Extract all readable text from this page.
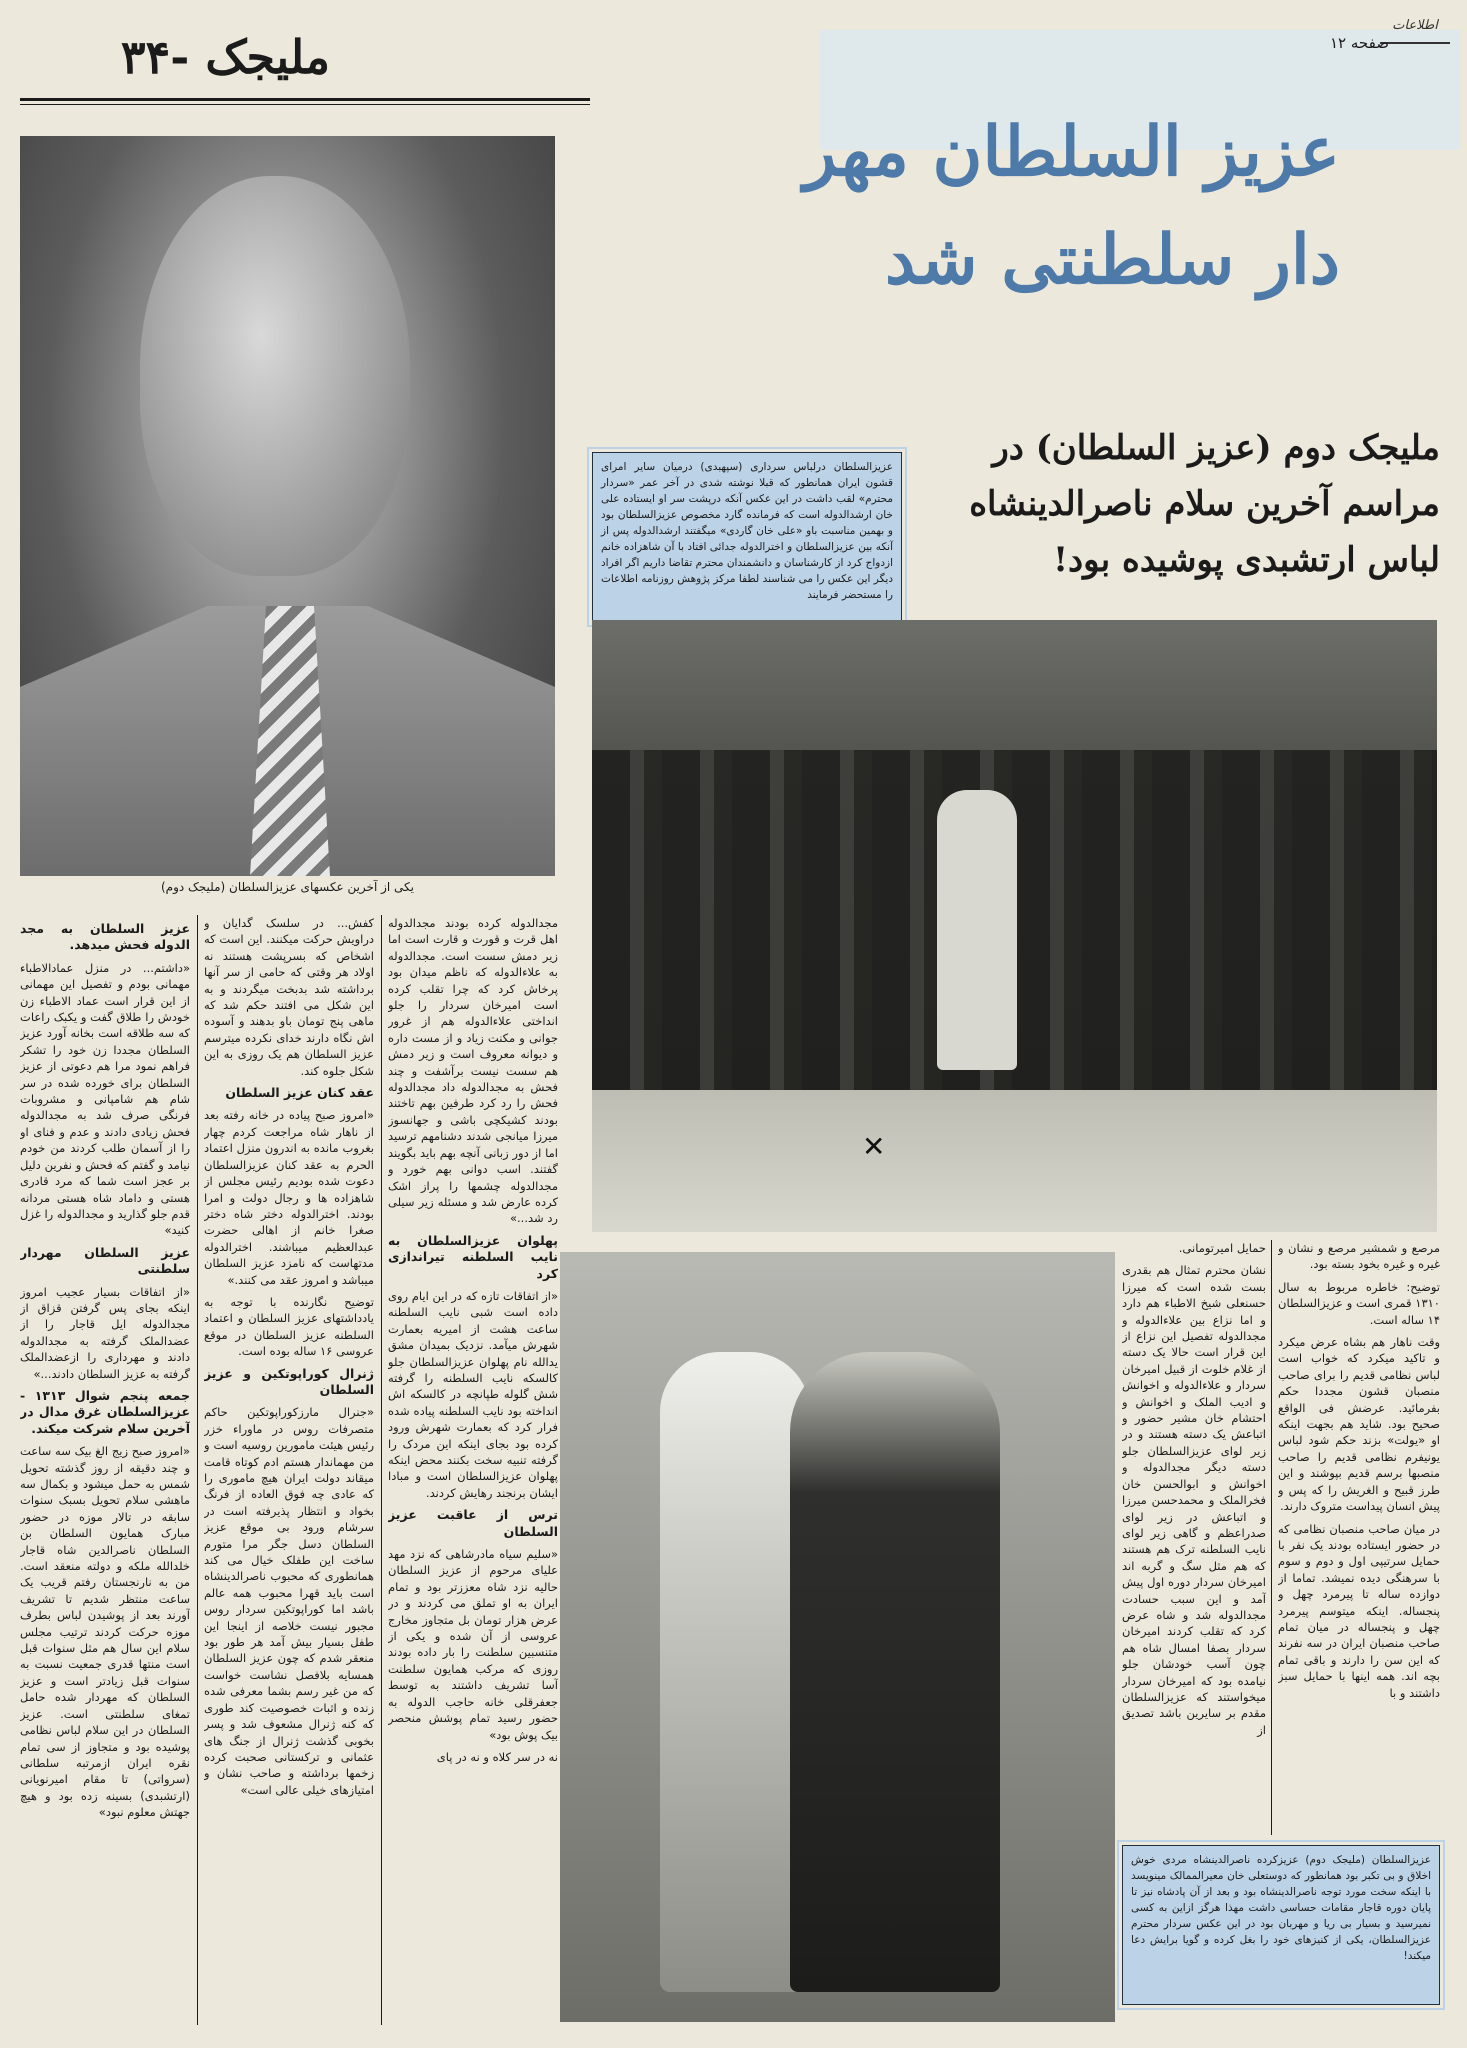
اطلاعات
صفحه ۱۲
ملیجک -۳۴
عزیز السلطان مهر
دار سلطنتی شد
ملیجک دوم (عزیز السلطان) در
مراسم آخرین سلام ناصرالدینشاه
لباس ارتشبدی پوشیده بود!
یکی از آخرین عکسهای عزیزالسلطان (ملیجک دوم)
عزیزالسلطان درلباس سرداری (سپهبدی) درمیان سایر امرای قشون ایران همانطور که قبلا نوشته شدی در آخر عمر «سردار محترم» لقب داشت در این عکس آنکه درپشت سر او ایستاده علی خان ارشدالدوله است که فرمانده گارد مخصوص عزیزالسلطان بود و بهمین مناسبت باو «علی خان گاردی» میگفتند ارشدالدوله پس از آنکه بین عزیزالسلطان و اخترالدوله جدائی افتاد با آن شاهزاده خانم ازدواج کرد از کارشناسان و دانشمندان محترم تقاضا داریم اگر افراد دیگر این عکس را می شناسند لطفا مرکز پژوهش روزنامه اطلاعات را مستحضر فرمایند
✕
عزیزالسلطان (ملیجک دوم) عزیزکرده ناصرالدینشاه مردی خوش اخلاق و بی تکبر بود همانطور که دوستعلی خان معیرالممالک مینویسد با اینکه سخت مورد توجه ناصرالدینشاه بود و بعد از آن پادشاه نیز تا پایان دوره قاجار مقامات حساسی داشت مهذا هرگز ازاین به کسی نمیرسید و بسیار بی ریا و مهربان بود در این عکس سردار محترم عزیزالسلطان، یکی از کنیزهای خود را بغل کرده و گویا برایش دعا میکند!

عزیز السلطان به مجد الدوله فحش میدهد.

«داشتم... در منزل عمادالاطباء مهمانی بودم و تفصیل این مهمانی از این قرار است عماد الاطباء زن خودش را طلاق گفت و یکبک راعات که سه طلاقه است بخانه آورد عزیز السلطان مجددا زن خود را تشکر فراهم نمود مرا هم دعوتی از عزیز السلطان برای خورده شده در سر شام هم شامپانی و مشروبات فرنگی صرف شد به مجدالدوله فحش زیادی دادند و عدم و فنای او را از آسمان طلب کردند من خودم نیامد و گفتم که فحش و نفرین دلیل بر عجز است شما که مرد قادری هستی و داماد شاه هستی مردانه قدم جلو گذارید و مجدالدوله را غزل کنید»

عزیز السلطان مهردار سلطنتی

«از اتفاقات بسیار عجیب امروز اینکه بجای پس گرفتن قزاق از مجدالدوله ایل قاجار را از عضدالملک گرفته به مجدالدوله دادند و مهرداری را ازعضدالملک گرفته به عزیز السلطان دادند...»

جمعه پنجم شوال ۱۳۱۳ - عزیزالسلطان غرق مدال در آخرین سلام شرکت میکند.

«امروز صبح زیج الغ بیک سه ساعت و چند دقیقه از روز گذشته تحویل شمس به حمل میشود و بکمال سه ماهشی سلام تحویل بسبک سنوات سابقه در تالار موزه در حضور مبارک همایون السلطان بن السلطان ناصرالدین شاه قاجار خلدالله ملکه و دولته منعقد است. من به نارنجستان رفتم قریب یک ساعت منتظر شدیم تا تشریف آورند بعد از پوشیدن لباس بطرف موزه حرکت کردند ترتیب مجلس سلام این سال هم مثل سنوات قبل است منتها قدری جمعیت نسبت به سنوات قبل زیادتر است و عزیز السلطان که مهردار شده حامل تمغای سلطنتی است. عزیز السلطان در این سلام لباس نظامی پوشیده بود و متجاوز از سی تمام نقره ایران ازمرتبه سلطانی (سرواتی) تا مقام امیرنویانی (ارتشبدی) بسینه زده بود و هیچ جهتش معلوم نبود»

کفش... در سلسک گدایان و دراویش حرکت میکنند. این است که اشخاص که بسرپشت هستند نه اولاد هر وقتی که حامی از سر آنها برداشته شد بدبخت میگردند و به این شکل می افتند حکم شد که ماهی پنج تومان باو بدهند و آسوده اش نگاه دارند خدای نکرده میترسم عزیز السلطان هم یک روزی به این شکل جلوه کند.

عقد کنان عزیز السلطان

«امروز صبح پیاده در خانه رفته بعد از ناهار شاه مراجعت کردم چهار بغروب مانده به اندرون منزل اعتماد الحرم به عقد کنان عزیزالسلطان دعوت شده بودیم رئیس مجلس از شاهزاده ها و رجال دولت و امرا بودند. اخترالدوله دختر شاه دختر صغرا خانم از اهالی حضرت عبدالعظیم میباشند. اخترالدوله مدتهاست که نامزد عزیز السلطان میباشد و امروز عقد می کنند.»

توضیح نگارنده با توجه به یادداشتهای عزیز السلطان و اعتماد السلطنه عزیز السلطان در موقع عروسی ۱۶ ساله بوده است.

ژنرال کوراپوتکین و عزیز السلطان

«جنرال مارزکوراپوتکین حاکم متصرفات روس در ماوراء خزر رئیس هیئت مامورین روسیه است و من مهماندار هستم ادم کوتاه قامت میقاند دولت ایران هیچ ماموری را که عادی چه فوق العاده از فرنگ بخواد و انتظار پذیرفته است در سرشام ورود بی موقع عزیز السلطان دسل جگر مرا متورم ساخت این طفلک خیال می کند همانطوری که محبوب ناصرالدینشاه است باید قهرا محبوب همه عالم باشد اما کوراپوتکین سردار روس مجبور نیست خلاصه از اینجا این طفل بسیار بیش آمد هر طور بود منعقر شدم که چون عزیز السلطان همسایه بلافصل نشاست خواست که من غیر رسم بشما معرفی شده زنده و اثبات خصوصیت کند طوری که کنه ژنرال مشعوف شد و پسر بخوبی گذشت ژنرال از جنگ های عثمانی و ترکستانی صحبت کرده زخمها برداشته و صاحب نشان و امتیازهای خیلی عالی است»

مجدالدوله کرده بودند مجدالدوله اهل قرت و قورت و قارت است اما زیر دمش سست است. مجدالدوله به علاءالدوله که ناظم میدان بود پرخاش کرد که چرا تقلب کرده است امیرخان سردار را جلو انداختی علاءالدوله هم از غرور جوانی و مکنت زیاد و از مست داره و دیوانه معروف است و زیر دمش هم سست نیست برآشفت و چند فحش به مجدالدوله داد مجدالدوله فحش را رد کرد طرفین بهم تاختند بودند کشیکچی باشی و جهانسوز میرزا میانجی شدند دشنامهم ترسید اما از دور زبانی آنچه بهم باید بگویند گفتند. اسب دوانی بهم خورد و مجدالدوله چشمها را پراز اشک کرده عارض شد و مسئله زیر سیلی رد شد...»

پهلوان عزیزالسلطان به نایب السلطنه تیراندازی کرد

«از اتفاقات تازه که در این ایام روی داده است شبی نایب السلطنه ساعت هشت از امیریه بعمارت شهرش میآمد. نزدیک بمیدان مشق یدالله نام پهلوان عزیزالسلطان جلو کالسکه نایب السلطنه را گرفته شش گلوله طپانچه در کالسکه اش انداخته بود نایب السلطنه پیاده شده فرار کرد که بعمارت شهرش ورود کرده بود بجای اینکه این مردک را گرفته تنبیه سخت بکنند محض اینکه پهلوان عزیزالسلطان است و مبادا ایشان برنجند رهایش کردند.

ترس از عاقبت عزیز السلطان

«سلیم سیاه مادرشاهی که نزد مهد علیای مرحوم از عزیز السلطان حالیه نزد شاه معززتر بود و تمام ایران به او تملق می کردند و در عرض هزار تومان بل متجاوز مخارج عروسی از آن شده و یکی از متنسبین سلطنت را بار داده بودند روزی که مرکب همایون سلطنت آسا تشریف داشتند به توسط جعفرقلی خانه حاجب الدوله به حضور رسید تمام پوشش منحصر بیک پوش بود»

نه در سر کلاه و نه در پای

مرصع و شمشیر مرصع و نشان و غیره و غیره بخود بسته بود.

توضیح: خاطره مربوط به سال ۱۳۱۰ قمری است و عزیزالسلطان ۱۴ ساله است.

وقت ناهار هم بشاه عرض میکرد و تاکید میکرد که خواب است لباس نظامی قدیم را برای صاحب منصبان قشون مجددا حکم بفرمائید. عرضش فی الواقع صحیح بود. شاید هم بجهت اینکه او «یولت» بزند حکم شود لباس یونیفرم نظامی قدیم را صاحب منصبها برسم قدیم بپوشند و این طرز قبیح و الغریش را که پس و پیش انسان پیداست متروک دارند.

در میان صاحب منصبان نظامی که در حضور ایستاده بودند یک نفر با حمایل سرتیپی اول و دوم و سوم با سرهنگی دیده نمیشد. تماما از دوازده ساله تا پیرمرد چهل و پنجساله. اینکه میتوسم پیرمرد چهل و پنجساله در میان تمام صاحب منصبان ایران در سه نفرند که این سن را دارند و باقی تمام بچه اند. همه اینها با حمایل سبز داشتند و با

حمایل امیرتومانی.

نشان محترم تمثال هم بقدری بست شده است که میرزا حسنعلی شیخ الاطباء هم دارد و اما نزاع بین علاءالدوله و مجدالدوله تفصیل این نزاع از این قرار است حالا یک دسته از غلام خلوت از قبیل امیرخان سردار و علاءالدوله و اخوانش و ادیب الملک و اخوانش و احتشام خان مشیر حضور و اتباعش یک دسته هستند و در زیر لوای عزیزالسلطان جلو دسته دیگر مجدالدوله و اخوانش و ابوالحسن خان فخرالملک و محمدحسن میرزا و اتباعش در زیر لوای صدراعظم و گاهی زیر لوای نایب السلطنه ترک هم هستند که هم مثل سگ و گربه اند امیرخان سردار دوره اول پیش آمد و این سبب حسادت مجدالدوله شد و شاه عرض کرد که تقلب کردند امیرخان سردار بصفا امسال شاه هم چون آسب خودشان جلو نیامده بود که امیرخان سردار میخواستند که عزیزالسلطان مقدم بر سایرین باشد تصدیق از
